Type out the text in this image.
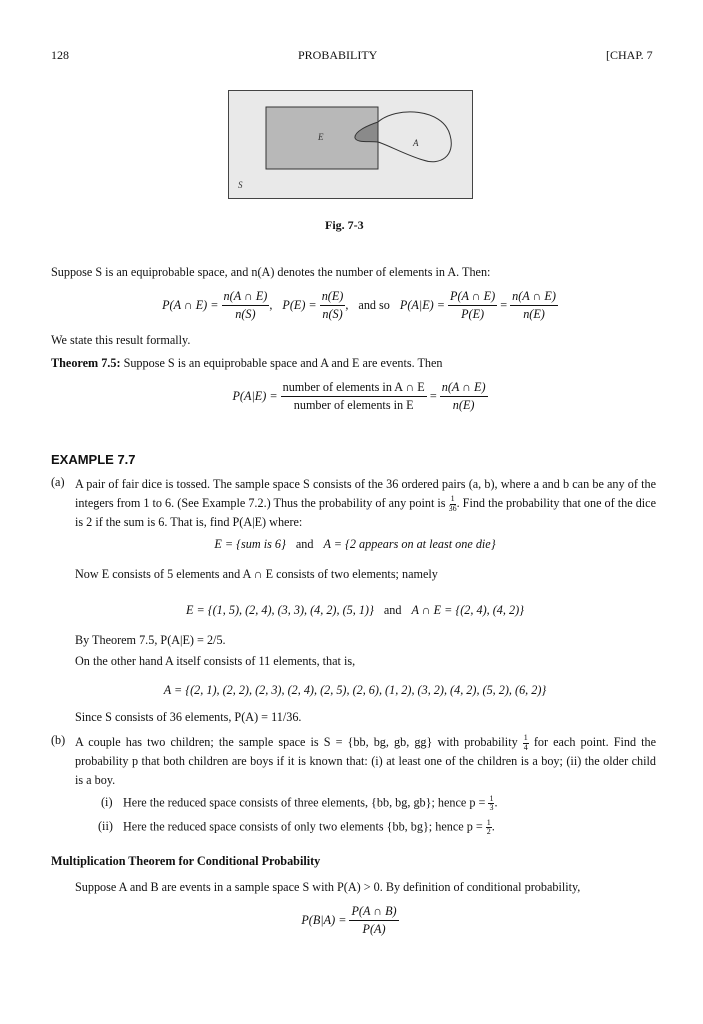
128	PROBABILITY	[CHAP. 7
E
A
S
Fig. 7-3
Suppose S is an equiprobable space, and n(A) denotes the number of elements in A. Then:
P(A ∩ E) =
$\frac{n(A \cap E)}{n(S)}$ , P(E) =
$\frac{n(E)}{n(S)}$ , and so P(A|E) =
$\frac{P(A \cap E)}{P(E)}$
=
$\frac{n(A \cap E)}{n(E)}$
We state this result formally.
Theorem 7.5: Suppose S is an equiprobable space and A and E are events. Then
P(A|E) =
$\frac{\text{number of elements in A ∩ E}}{\text{number of elements in E}}$
=
$\frac{n(A \cap E)}{n(E)}$
EXAMPLE 7.7
(a) A pair of fair dice is tossed. The sample space S consists of the 36 ordered pairs (a, b), where a and b can be any of the integers from 1 to 6. (See Example 7.2.) Thus the probability of any point is $\frac{1}{36}$ . Find the probability that one of the dice is 2 if the sum is 6. That is, find P(A|E) where:
E = {sum is 6} and A = {2 appears on at least one die}
Now E consists of 5 elements and A ∩ E consists of two elements; namely
E = {(1, 5), (2, 4), (3, 3), (4, 2), (5, 1)} and A ∩ E = {(2, 4), (4, 2)}
By Theorem 7.5, P(A|E) = 2/5.
On the other hand A itself consists of 11 elements, that is,
A = {(2, 1), (2, 2), (2, 3), (2, 4), (2, 5), (2, 6), (1, 2), (3, 2), (4, 2), (5, 2), (6, 2)}
Since S consists of 36 elements, P(A) = 11/36.
(b) A couple has two children; the sample space is S = {bb, bg, gb, gg} with probability $\frac{1}{4}$ for each point. Find the probability p that both children are boys if it is known that: (i) at least one of the children is a boy; (ii) the older child is a boy.
(i) Here the reduced space consists of three elements, {bb, bg, gb}; hence $p = \frac{1}{3}$ .
(ii) Here the reduced space consists of only two elements {bb, bg}; hence $p = \frac{1}{2}$ .
Multiplication Theorem for Conditional Probability
Suppose A and B are events in a sample space S with P(A) > 0. By definition of conditional probability,
P(B|A) =
$\frac{P(A \cap B)}{P(A)}$
